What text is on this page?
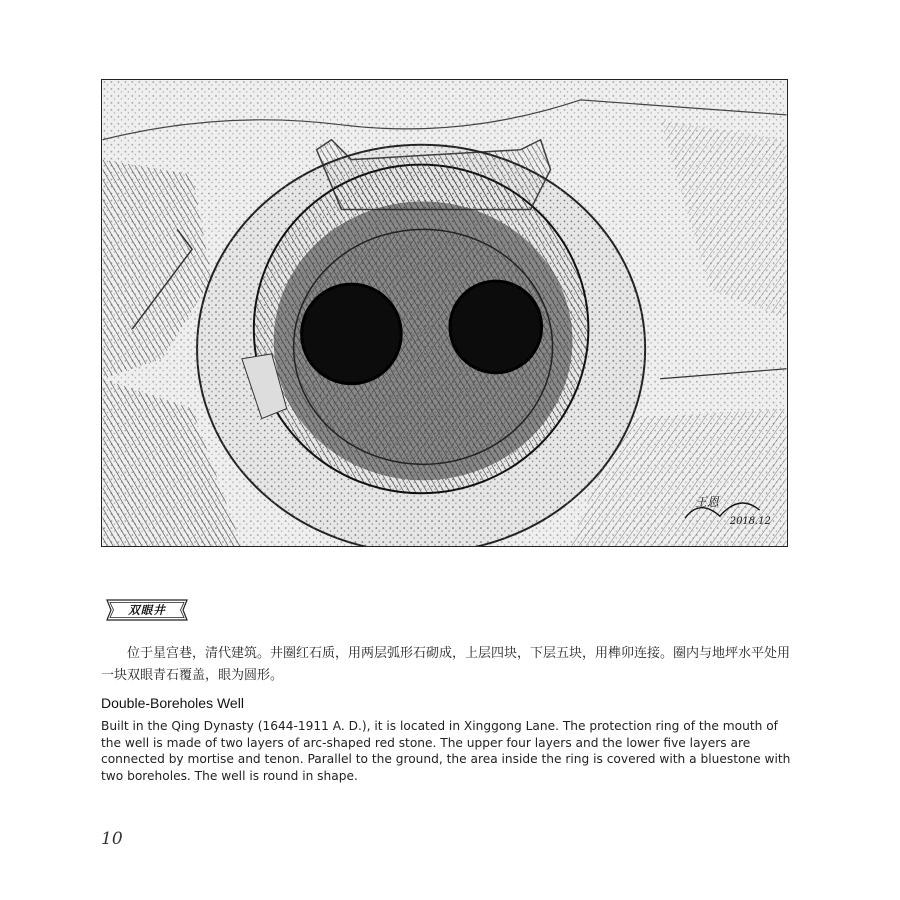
王恩
2018.12
双眼井

位于星宫巷，清代建筑。井圈红石质，用两层弧形石砌成，上层四块，下层五块，用榫卯连接。圈内与地坪水平处用一块双眼青石覆盖，眼为圆形。

Double-Boreholes Well

Built in the Qing Dynasty (1644-1911 A. D.), it is located in Xinggong Lane. The protection ring of the mouth of the well is made of two layers of arc-shaped red stone. The upper four layers and the lower five layers are connected by mortise and tenon. Parallel to the ground, the area inside the ring is covered with a bluestone with two boreholes. The well is round in shape.

10
